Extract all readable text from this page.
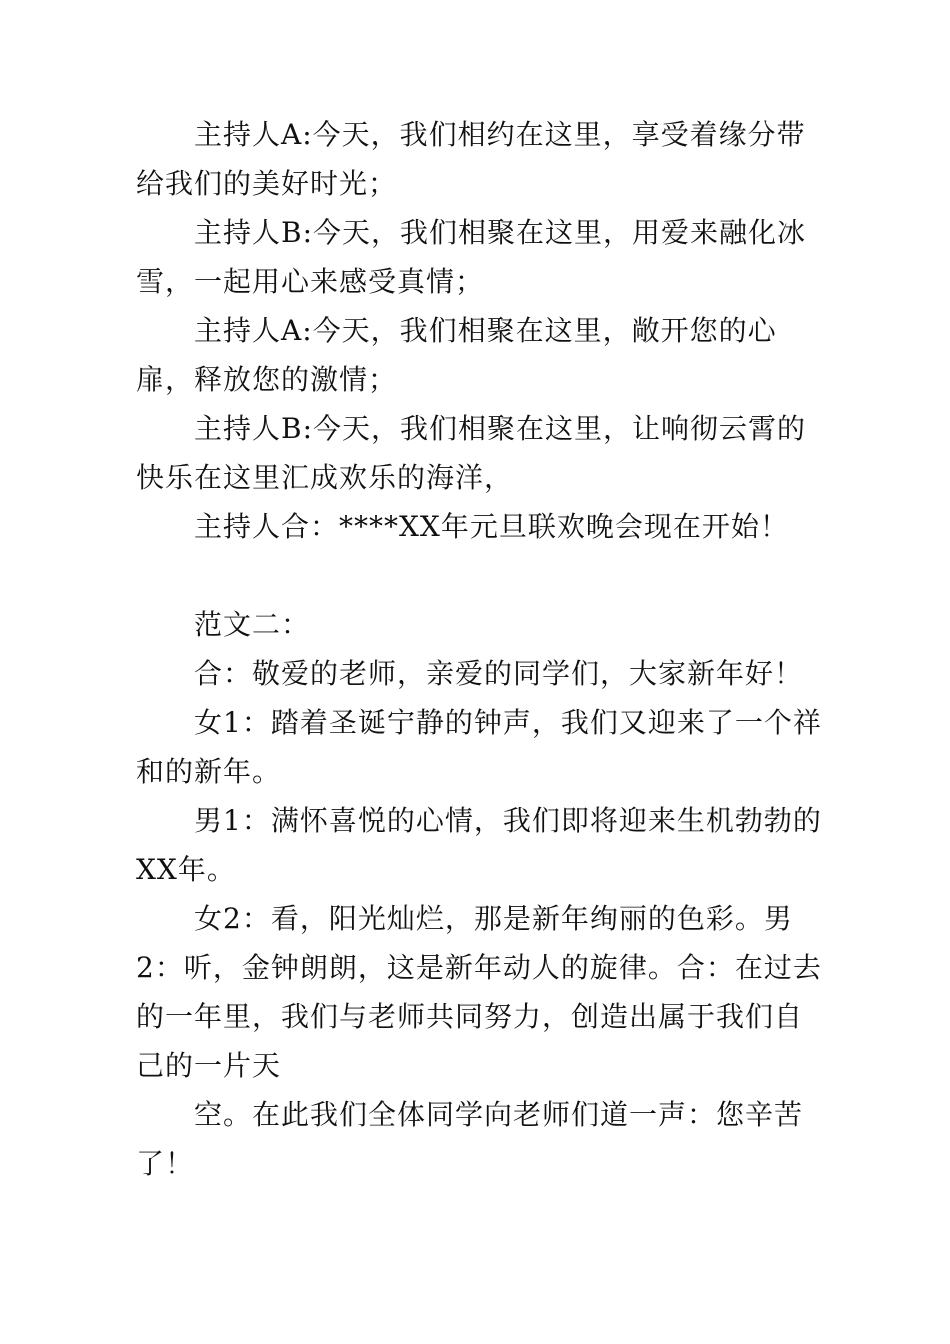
主持人A:今天，我们相约在这里，享受着缘分带给我们的美好时光；

主持人B:今天，我们相聚在这里，用爱来融化冰雪，一起用心来感受真情；

主持人A:今天，我们相聚在这里，敞开您的心扉，释放您的激情；

主持人B:今天，我们相聚在这里，让响彻云霄的快乐在这里汇成欢乐的海洋，

主持人合：****XX年元旦联欢晚会现在开始！

范文二：

合：敬爱的老师，亲爱的同学们，大家新年好！

女1：踏着圣诞宁静的钟声，我们又迎来了一个祥和的新年。

男1：满怀喜悦的心情，我们即将迎来生机勃勃的XX年。

女2：看，阳光灿烂，那是新年绚丽的色彩。男2：听，金钟朗朗，这是新年动人的旋律。合：在过去的一年里，我们与老师共同努力，创造出属于我们自己的一片天

空。在此我们全体同学向老师们道一声：您辛苦了！
